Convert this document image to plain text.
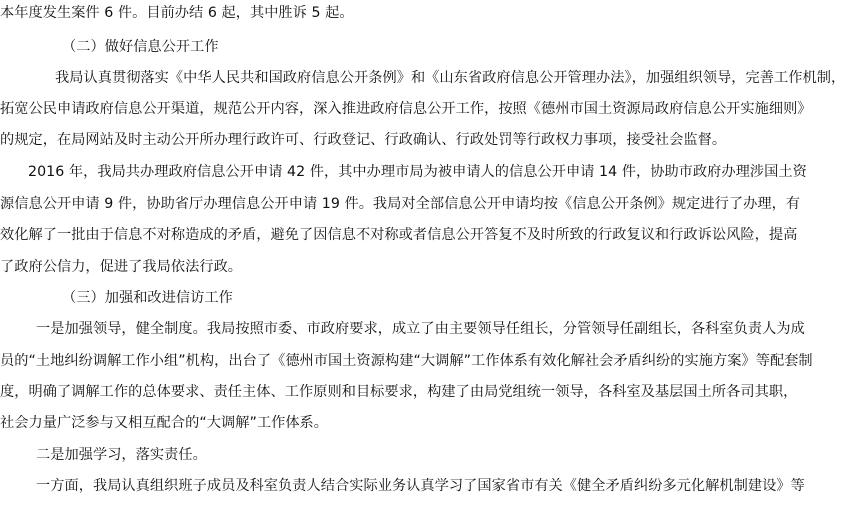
本年度发生案件 6 件。目前办结 6 起，其中胜诉 5 起。
（二）做好信息公开工作
我局认真贯彻落实《中华人民共和国政府信息公开条例》和《山东省政府信息公开管理办法》，加强组织领导，完善工作机制，
拓宽公民申请政府信息公开渠道，规范公开内容，深入推进政府信息公开工作，按照《德州市国土资源局政府信息公开实施细则》
的规定，在局网站及时主动公开所办理行政许可、行政登记、行政确认、行政处罚等行政权力事项，接受社会监督。
2016 年，我局共办理政府信息公开申请 42 件，其中办理市局为被申请人的信息公开申请 14 件，协助市政府办理涉国土资
源信息公开申请 9 件，协助省厅办理信息公开申请 19 件。我局对全部信息公开申请均按《信息公开条例》规定进行了办理，有
效化解了一批由于信息不对称造成的矛盾，避免了因信息不对称或者信息公开答复不及时所致的行政复议和行政诉讼风险，提高
了政府公信力，促进了我局依法行政。
（三）加强和改进信访工作
一是加强领导，健全制度。我局按照市委、市政府要求，成立了由主要领导任组长，分管领导任副组长，各科室负责人为成
员的“土地纠纷调解工作小组”机构，出台了《德州市国土资源构建“大调解”工作体系有效化解社会矛盾纠纷的实施方案》等配套制
度，明确了调解工作的总体要求、责任主体、工作原则和目标要求，构建了由局党组统一领导，各科室及基层国土所各司其职，
社会力量广泛参与又相互配合的“大调解”工作体系。
二是加强学习，落实责任。
一方面，我局认真组织班子成员及科室负责人结合实际业务认真学习了国家省市有关《健全矛盾纠纷多元化解机制建设》等
